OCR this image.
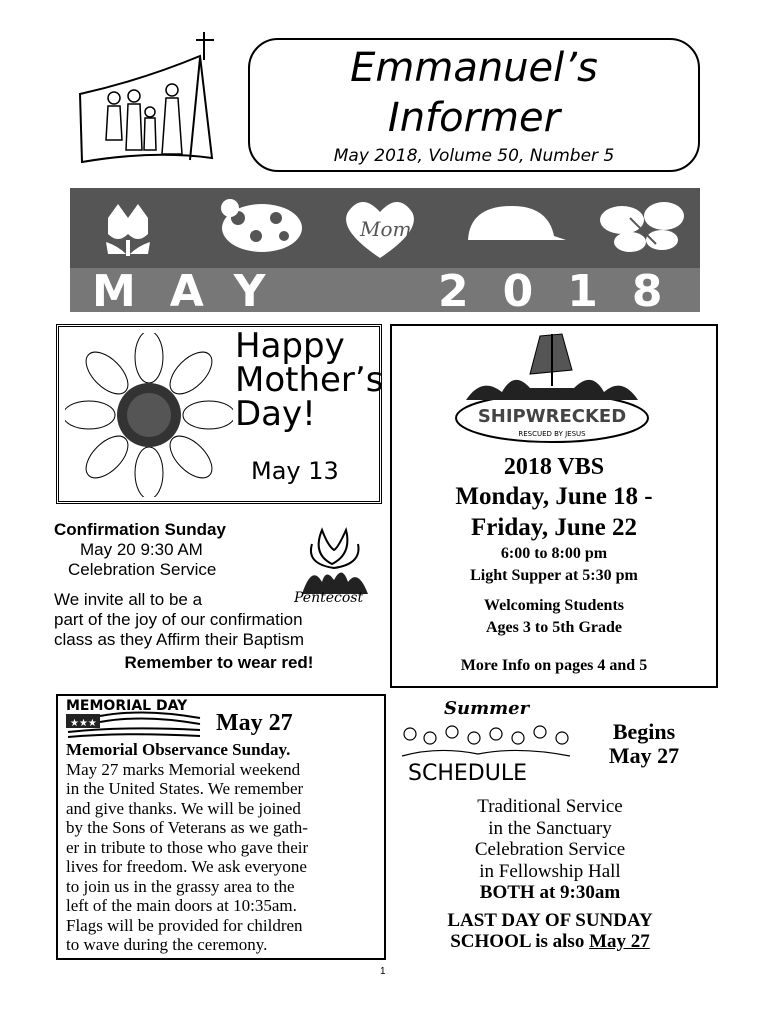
Emmanuel’s
Informer
May 2018, Volume 50, Number 5
Mom
MAY	2018
Happy
Mother’s
Day!
May 13
Confirmation Sunday
May 20 9:30 AM
Celebration Service
We invite all to be a
part of the joy of our confirmation
class as they Affirm their Baptism
Remember to wear red!
Pentecost
SHIPWRECKED
RESCUED BY JESUS
2018 VBS
Monday, June 18 -
Friday, June 22
6:00 to 8:00 pm
Light Supper at 5:30 pm
Welcoming Students
Ages 3 to 5th Grade
More Info on pages 4 and 5
May 27
Memorial Observance Sunday.
May 27 marks Memorial weekend
in the United States. We remember
and give thanks. We will be joined
by the Sons of Veterans as we gath-
er in tribute to those who gave their
lives for freedom. We ask everyone
to join us in the grassy area to the
left of the main doors at 10:35am.
Flags will be provided for children
to wave during the ceremony.
MEMORIAL DAY
★★★
Summer
SCHEDULE
Begins
May 27
Traditional Service
in the Sanctuary
Celebration Service
in Fellowship Hall
BOTH at 9:30am
LAST DAY OF SUNDAY
SCHOOL is also May 27
1
